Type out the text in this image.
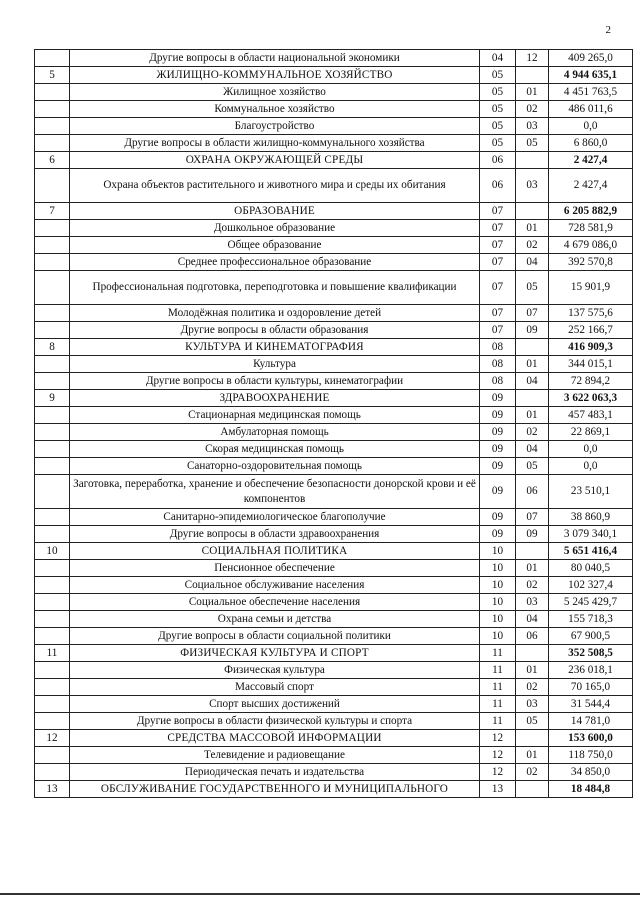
2
	Другие вопросы в области национальной экономики	04	12	409 265,0
5	ЖИЛИЩНО-КОММУНАЛЬНОЕ ХОЗЯЙСТВО	05		4 944 635,1
	Жилищное хозяйство	05	01	4 451 763,5
	Коммунальное хозяйство	05	02	486 011,6
	Благоустройство	05	03	0,0
	Другие вопросы в области жилищно-коммунального хозяйства	05	05	6 860,0
6	ОХРАНА ОКРУЖАЮЩЕЙ СРЕДЫ	06		2 427,4
	Охрана объектов растительного и животного мира и среды их обитания	06	03	2 427,4
7	ОБРАЗОВАНИЕ	07		6 205 882,9
	Дошкольное образование	07	01	728 581,9
	Общее образование	07	02	4 679 086,0
	Среднее профессиональное образование	07	04	392 570,8
	Профессиональная подготовка, переподготовка и повышение квалификации	07	05	15 901,9
	Молодёжная политика и оздоровление детей	07	07	137 575,6
	Другие вопросы в области образования	07	09	252 166,7
8	КУЛЬТУРА И КИНЕМАТОГРАФИЯ	08		416 909,3
	Культура	08	01	344 015,1
	Другие вопросы в области культуры, кинематографии	08	04	72 894,2
9	ЗДРАВООХРАНЕНИЕ	09		3 622 063,3
	Стационарная медицинская помощь	09	01	457 483,1
	Амбулаторная помощь	09	02	22 869,1
	Скорая медицинская помощь	09	04	0,0
	Санаторно-оздоровительная помощь	09	05	0,0
	Заготовка, переработка, хранение и обеспечение безопасности донорской крови и её компонентов	09	06	23 510,1
	Санитарно-эпидемиологическое благополучие	09	07	38 860,9
	Другие вопросы в области здравоохранения	09	09	3 079 340,1
10	СОЦИАЛЬНАЯ ПОЛИТИКА	10		5 651 416,4
	Пенсионное обеспечение	10	01	80 040,5
	Социальное обслуживание населения	10	02	102 327,4
	Социальное обеспечение населения	10	03	5 245 429,7
	Охрана семьи и детства	10	04	155 718,3
	Другие вопросы в области социальной политики	10	06	67 900,5
11	ФИЗИЧЕСКАЯ КУЛЬТУРА И СПОРТ	11		352 508,5
	Физическая культура	11	01	236 018,1
	Массовый спорт	11	02	70 165,0
	Спорт высших достижений	11	03	31 544,4
	Другие вопросы в области физической культуры и спорта	11	05	14 781,0
12	СРЕДСТВА МАССОВОЙ ИНФОРМАЦИИ	12		153 600,0
	Телевидение и радиовещание	12	01	118 750,0
	Периодическая печать и издательства	12	02	34 850,0
13	ОБСЛУЖИВАНИЕ ГОСУДАРСТВЕННОГО И МУНИЦИПАЛЬНОГО	13		18 484,8
